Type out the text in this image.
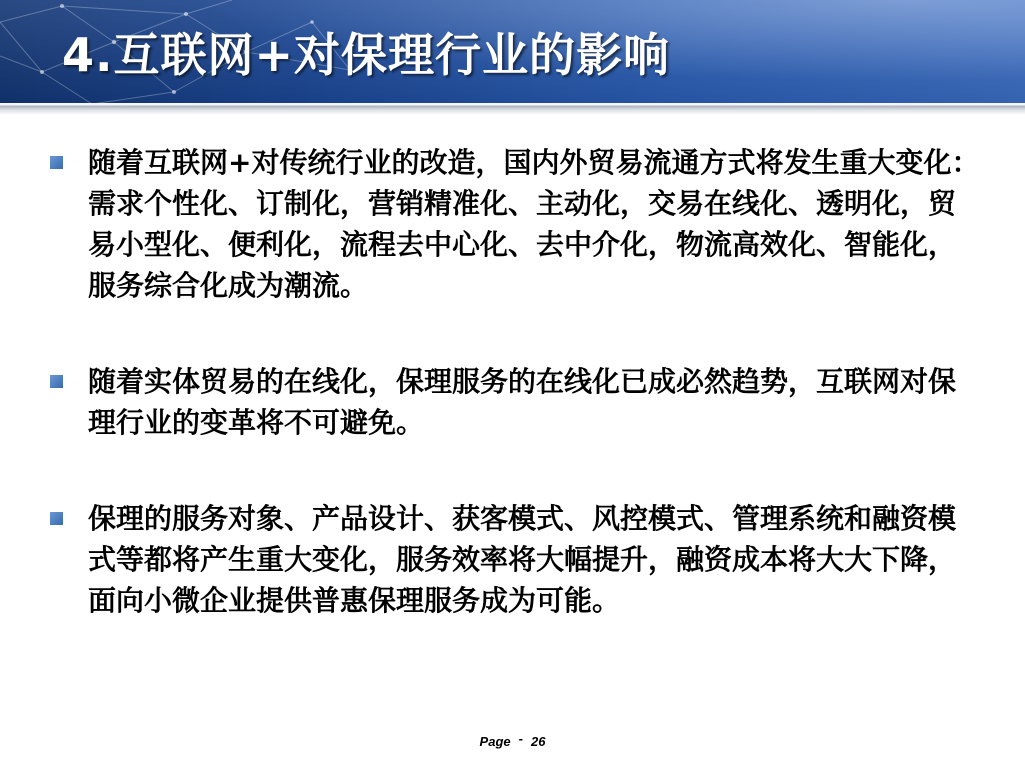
4.互联网+对保理行业的影响
随着互联网+对传统行业的改造，国内外贸易流通方式将发生重大变化：
需求个性化、订制化，营销精准化、主动化，交易在线化、透明化，贸
易小型化、便利化，流程去中心化、去中介化，物流高效化、智能化，
服务综合化成为潮流。
随着实体贸易的在线化，保理服务的在线化已成必然趋势，互联网对保
理行业的变革将不可避免。
保理的服务对象、产品设计、获客模式、风控模式、管理系统和融资模
式等都将产生重大变化，服务效率将大幅提升，融资成本将大大下降，
面向小微企业提供普惠保理服务成为可能。
Page - 26
